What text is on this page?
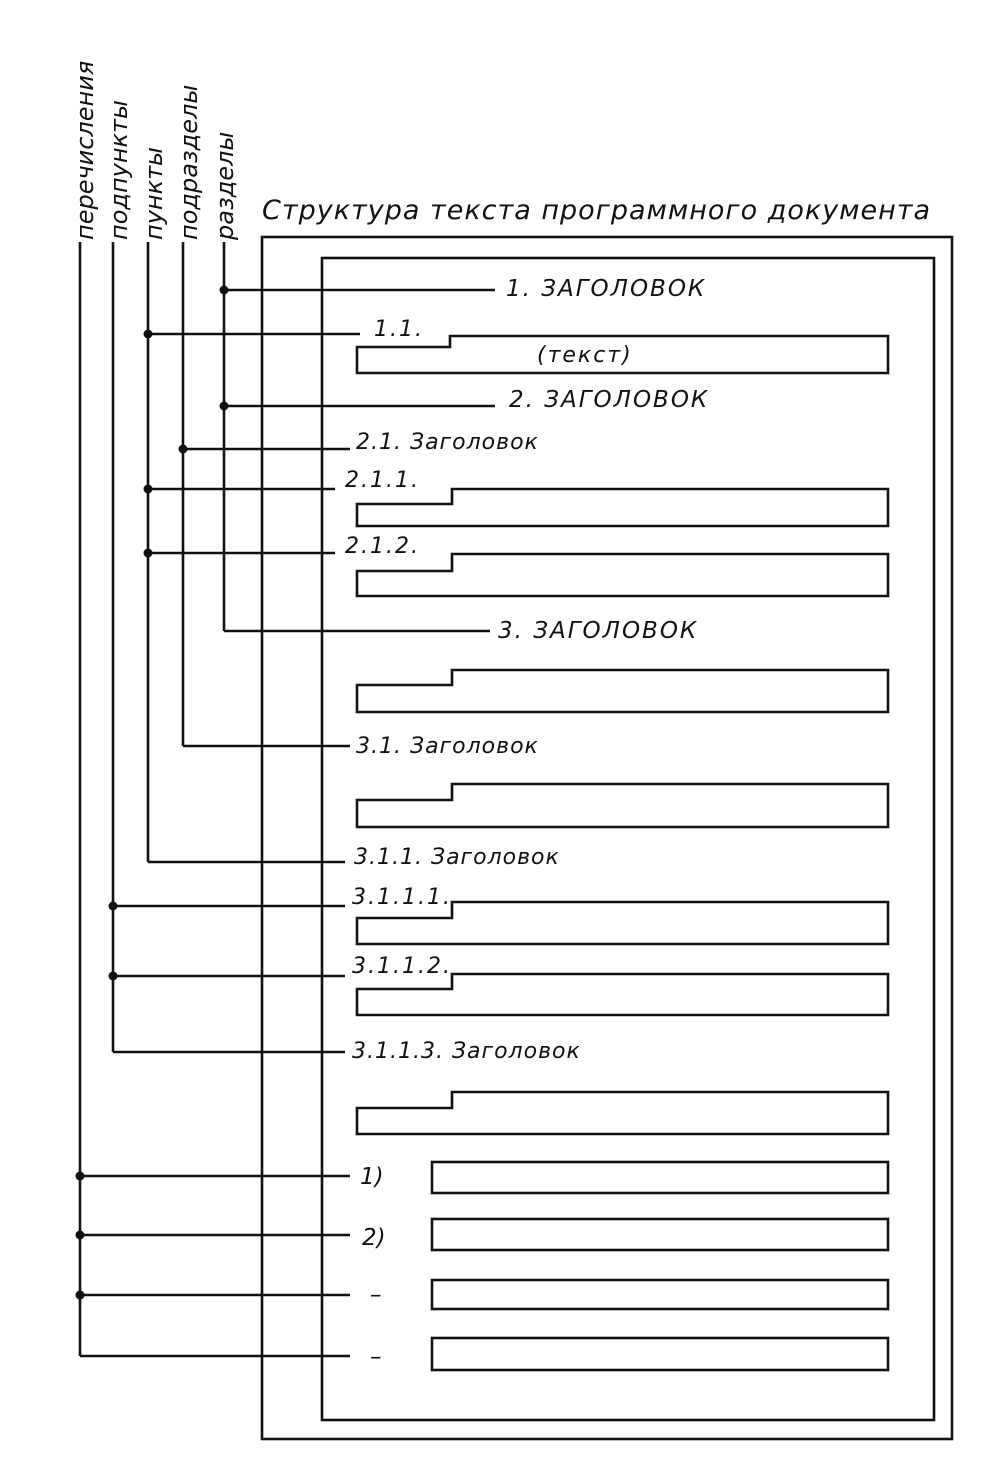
Структура текста программного документа
перечисления подпункты пункты подразделы разделы
1. ЗАГОЛОВОК
1.1.
(текст)
2. ЗАГОЛОВОК
2.1. Заголовок
2.1.1.
2.1.2.
3. ЗАГОЛОВОК
3.1. Заголовок
3.1.1. Заголовок
3.1.1.1.
3.1.1.2.
3.1.1.3. Заголовок
1)
2)
–
–
